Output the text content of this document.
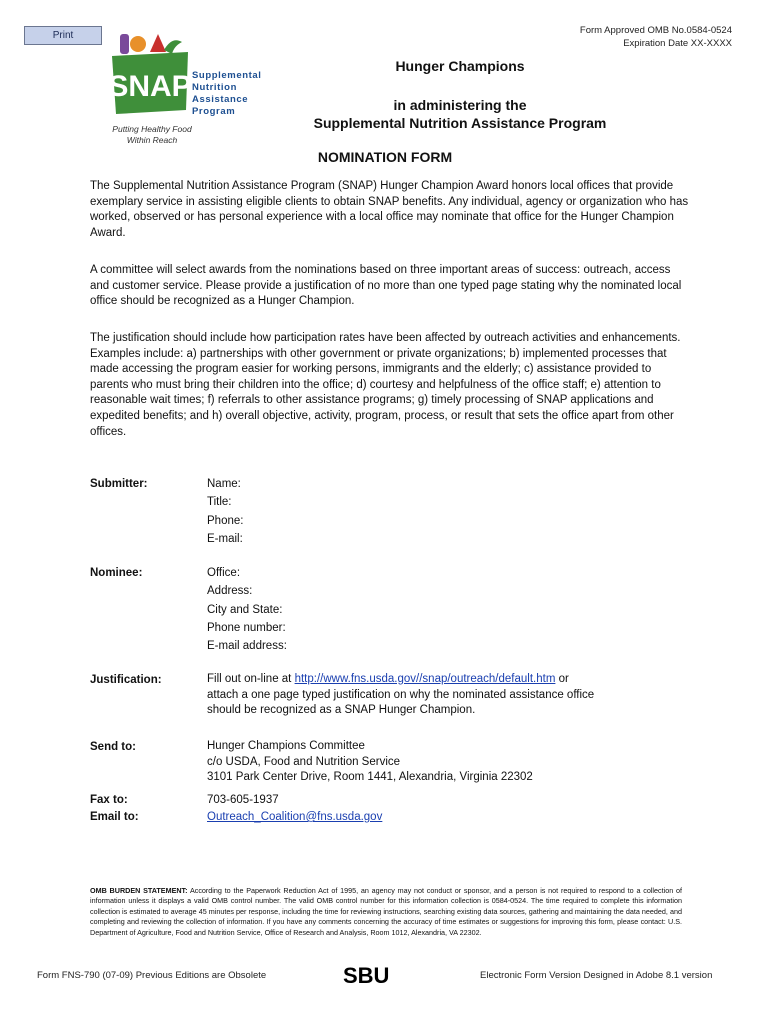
Print	Form Approved OMB No.0584-0524
Expiration Date XX-XXXX
SNAP Supplemental
Nutrition
Assistance
Program
Putting Healthy Food
Within Reach
Hunger Champions
in administering the
Supplemental Nutrition Assistance Program
NOMINATION FORM
The Supplemental Nutrition Assistance Program (SNAP) Hunger Champion Award honors local offices that provide exemplary service in assisting eligible clients to obtain SNAP benefits. Any individual, agency or organization who has worked, observed or has personal experience with a local office may nominate that office for the Hunger Champion Award.
A committee will select awards from the nominations based on three important areas of success: outreach, access and customer service. Please provide a justification of no more than one typed page stating why the nominated local office should be recognized as a Hunger Champion.
The justification should include how participation rates have been affected by outreach activities and enhancements. Examples include: a) partnerships with other government or private organizations; b) implemented processes that made accessing the program easier for working persons, immigrants and the elderly; c) assistance provided to parents who must bring their children into the office; d) courtesy and helpfulness of the office staff; e) attention to reasonable wait times; f) referrals to other assistance programs; g) timely processing of SNAP applications and expedited benefits; and h) overall objective, activity, program, process, or result that sets the office apart from other offices.
Submitter:	Name:
Title:
Phone:
E-mail:
Nominee:	Office:
Address:
City and State:
Phone number:
E-mail address:
Justification:	Fill out on-line at http://www.fns.usda.gov//snap/outreach/default.htm or
attach a one page typed justification on why the nominated assistance office
should be recognized as a SNAP Hunger Champion.
Send to:	Hunger Champions Committee
c/o USDA, Food and Nutrition Service
3101 Park Center Drive, Room 1441, Alexandria, Virginia 22302
Fax to:	703-605-1937
Email to:	Outreach_Coalition@fns.usda.gov
OMB BURDEN STATEMENT: According to the Paperwork Reduction Act of 1995, an agency may not conduct or sponsor, and a person is not required to respond to a collection of information unless it displays a valid OMB control number. The valid OMB control number for this information collection is 0584-0524. The time required to complete this information collection is estimated to average 45 minutes per response, including the time for reviewing instructions, searching existing data sources, gathering and maintaining the data needed, and completing and reviewing the collection of information. If you have any comments concerning the accuracy of time estimates or suggestions for improving this form, please contact: U.S. Department of Agriculture, Food and Nutrition Service, Office of Research and Analysis, Room 1012, Alexandria, VA 22302.
Form FNS-790 (07-09) Previous Editions are Obsolete	SBU	Electronic Form Version Designed in Adobe 8.1 version
